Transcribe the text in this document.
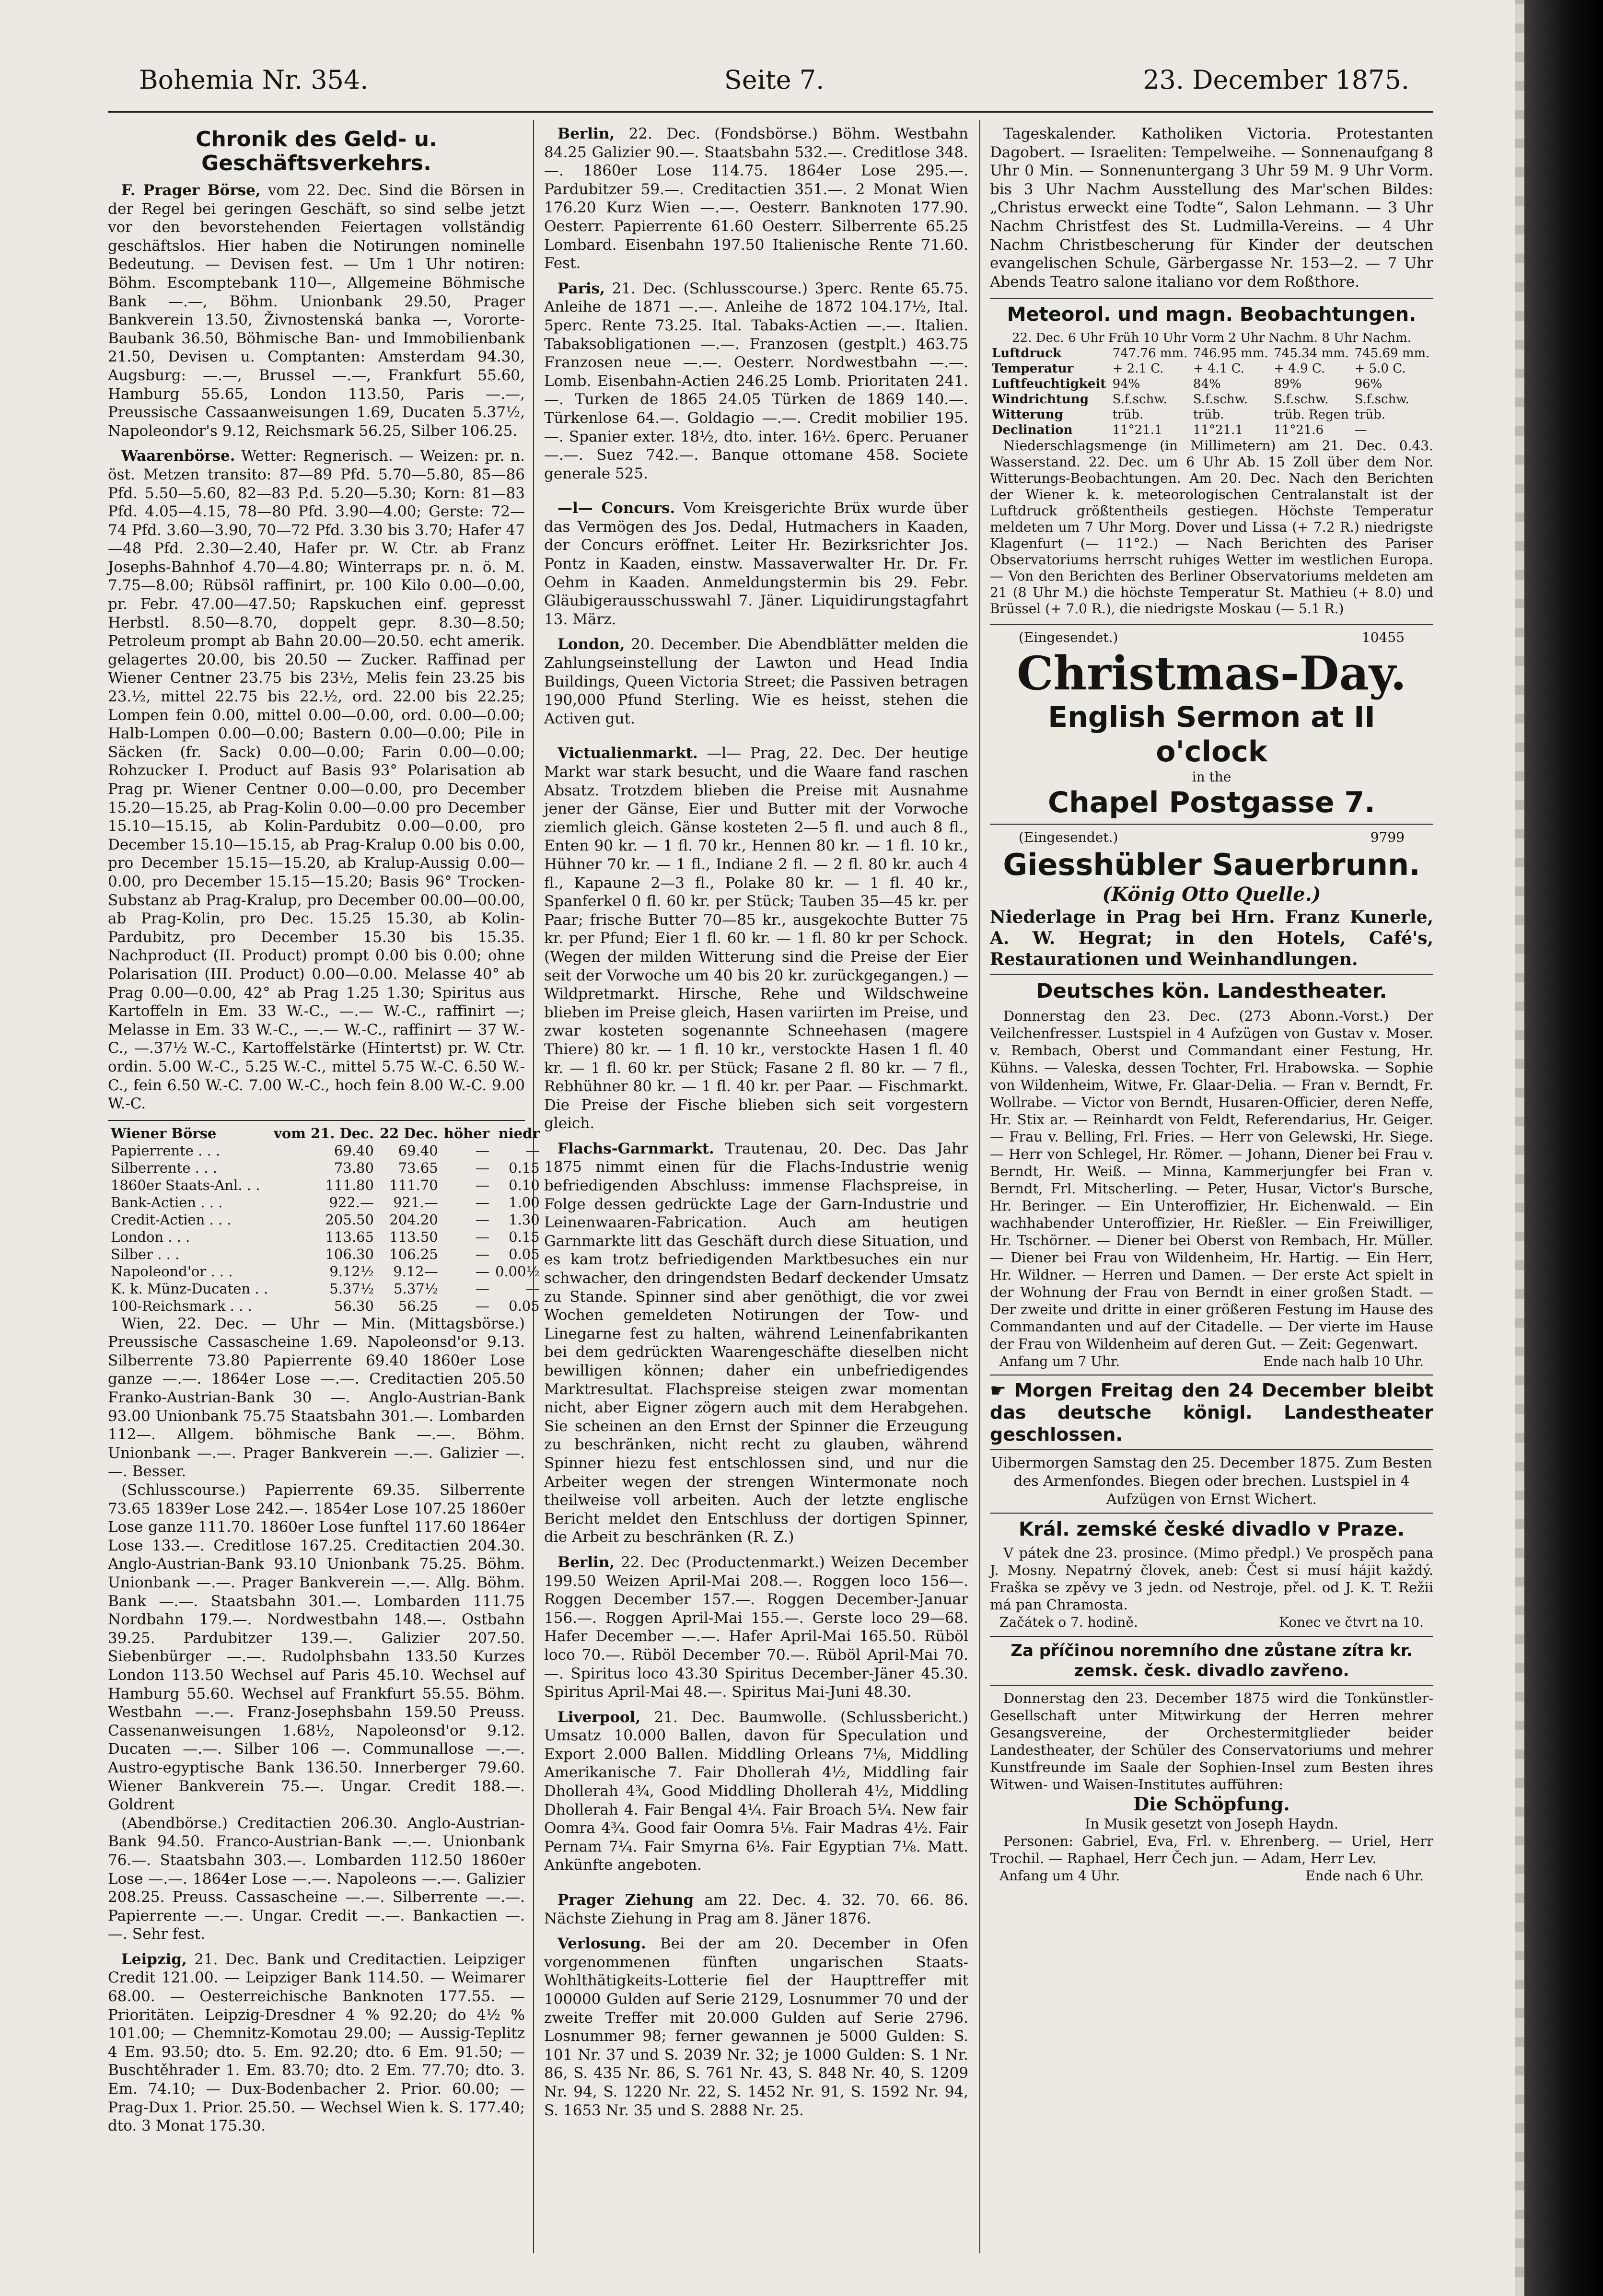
Bohemia Nr. 354.	Seite 7.	23. December 1875.
Chronik des Geld- u. Geschäftsverkehrs.

F. Prager Börse, vom 22. Dec. Sind die Börsen in der Regel bei geringen Geschäft, so sind selbe jetzt vor den bevorstehenden Feiertagen vollständig geschäftslos. Hier haben die Notirungen nominelle Bedeutung. — Devisen fest. — Um 1 Uhr notiren: Böhm. Escomptebank 110—, Allgemeine Böhmische Bank —.—, Böhm. Unionbank 29.50, Prager Bankverein 13.50, Živnostenská banka —, Vororte-Baubank 36.50, Böhmische Ban- und Immobilienbank 21.50, Devisen u. Comptanten: Amsterdam 94.30, Augsburg: —.—, Brussel —.—, Frankfurt 55.60, Hamburg 55.65, London 113.50, Paris —.—, Preussische Cassaanweisungen 1.69, Ducaten 5.37½, Napoleondor's 9.12, Reichsmark 56.25, Silber 106.25.

Waarenbörse. Wetter: Regnerisch. — Weizen: pr. n. öst. Metzen transito: 87—89 Pfd. 5.70—5.80, 85—86 Pfd. 5.50—5.60, 82—83 P.d. 5.20—5.30; Korn: 81—83 Pfd. 4.05—4.15, 78—80 Pfd. 3.90—4.00; Gerste: 72—74 Pfd. 3.60—3.90, 70—72 Pfd. 3.30 bis 3.70; Hafer 47—48 Pfd. 2.30—2.40, Hafer pr. W. Ctr. ab Franz Josephs-Bahnhof 4.70—4.80; Winterraps pr. n. ö. M. 7.75—8.00; Rübsöl raffinirt, pr. 100 Kilo 0.00—0.00, pr. Febr. 47.00—47.50; Rapskuchen einf. gepresst Herbstl. 8.50—8.70, doppelt gepr. 8.30—8.50; Petroleum prompt ab Bahn 20.00—20.50. echt amerik. gelagertes 20.00, bis 20.50 — Zucker. Raffinad per Wiener Centner 23.75 bis 23½, Melis fein 23.25 bis 23.½, mittel 22.75 bis 22.½, ord. 22.00 bis 22.25; Lompen fein 0.00, mittel 0.00—0.00, ord. 0.00—0.00; Halb-Lompen 0.00—0.00; Bastern 0.00—0.00; Pile in Säcken (fr. Sack) 0.00—0.00; Farin 0.00—0.00; Rohzucker I. Product auf Basis 93° Polarisation ab Prag pr. Wiener Centner 0.00—0.00, pro December 15.20—15.25, ab Prag-Kolin 0.00—0.00 pro December 15.10—15.15, ab Kolin-Pardubitz 0.00—0.00, pro December 15.10—15.15, ab Prag-Kralup 0.00 bis 0.00, pro December 15.15—15.20, ab Kralup-Aussig 0.00—0.00, pro December 15.15—15.20; Basis 96° Trocken-Substanz ab Prag-Kralup, pro December 00.00—00.00, ab Prag-Kolin, pro Dec. 15.25 15.30, ab Kolin-Pardubitz, pro December 15.30 bis 15.35. Nachproduct (II. Product) prompt 0.00 bis 0.00; ohne Polarisation (III. Product) 0.00—0.00. Melasse 40° ab Prag 0.00—0.00, 42° ab Prag 1.25 1.30; Spiritus aus Kartoffeln in Em. 33 W.-C., —.— W.-C., raffinirt —; Melasse in Em. 33 W.-C., —.— W.-C., raffinirt — 37 W.-C., —.37½ W.-C., Kartoffelstärke (Hintertst) pr. W. Ctr. ordin. 5.00 W.-C., 5.25 W.-C., mittel 5.75 W.-C. 6.50 W.-C., fein 6.50 W.-C. 7.00 W.-C., hoch fein 8.00 W.-C. 9.00 W.-C.

Wiener Börse	vom 21. Dec.	22 Dec.	höher	niedr
Papierrente . . .	69.40	69.40	—	—
Silberrente . . .	73.80	73.65	—	0.15
1860er Staats-Anl. . .	111.80	111.70	—	0.10
Bank-Actien . . .	922.—	921.—	—	1.00
Credit-Actien . . .	205.50	204.20	—	1.30
London . . .	113.65	113.50	—	0.15
Silber . . .	106.30	106.25	—	0.05
Napoleond'or . . .	9.12½	9.12—	—	0.00½
K. k. Münz-Ducaten . .	5.37½	5.37½	—	—
100-Reichsmark . . .	56.30	56.25	—	0.05

Wien, 22. Dec. — Uhr — Min. (Mittagsbörse.) Preussische Cassascheine 1.69. Napoleonsd'or 9.13. Silberrente 73.80 Papierrente 69.40 1860er Lose ganze —.—. 1864er Lose —.—. Creditactien 205.50 Franko-Austrian-Bank 30 —. Anglo-Austrian-Bank 93.00 Unionbank 75.75 Staatsbahn 301.—. Lombarden 112—. Allgem. böhmische Bank —.—. Böhm. Unionbank —.—. Prager Bankverein —.—. Galizier —.—. Besser.

(Schlusscourse.) Papierrente 69.35. Silberrente 73.65 1839er Lose 242.—. 1854er Lose 107.25 1860er Lose ganze 111.70. 1860er Lose funftel 117.60 1864er Lose 133.—. Creditlose 167.25. Creditactien 204.30. Anglo-Austrian-Bank 93.10 Unionbank 75.25. Böhm. Unionbank —.—. Prager Bankverein —.—. Allg. Böhm. Bank —.—. Staatsbahn 301.—. Lombarden 111.75 Nordbahn 179.—. Nordwestbahn 148.—. Ostbahn 39.25. Pardubitzer 139.—. Galizier 207.50. Siebenbürger —.—. Rudolphsbahn 133.50 Kurzes London 113.50 Wechsel auf Paris 45.10. Wechsel auf Hamburg 55.60. Wechsel auf Frankfurt 55.55. Böhm. Westbahn —.—. Franz-Josephsbahn 159.50 Preuss. Cassenanweisungen 1.68½, Napoleonsd'or 9.12. Ducaten —.—. Silber 106 —. Communallose —.—. Austro-egyptische Bank 136.50. Innerberger 79.60. Wiener Bankverein 75.—. Ungar. Credit 188.—. Goldrent

(Abendbörse.) Creditactien 206.30. Anglo-Austrian-Bank 94.50. Franco-Austrian-Bank —.—. Unionbank 76.—. Staatsbahn 303.—. Lombarden 112.50 1860er Lose —.—. 1864er Lose —.—. Napoleons —.—. Galizier 208.25. Preuss. Cassascheine —.—. Silberrente —.—. Papierrente —.—. Ungar. Credit —.—. Bankactien —.—. Sehr fest.

Leipzig, 21. Dec. Bank und Creditactien. Leipziger Credit 121.00. — Leipziger Bank 114.50. — Weimarer 68.00. — Oesterreichische Banknoten 177.55. — Prioritäten. Leipzig-Dresdner 4 % 92.20; do 4½ % 101.00; — Chemnitz-Komotau 29.00; — Aussig-Teplitz 4 Em. 93.50; dto. 5. Em. 92.20; dto. 6 Em. 91.50; — Buschtěhrader 1. Em. 83.70; dto. 2 Em. 77.70; dto. 3. Em. 74.10; — Dux-Bodenbacher 2. Prior. 60.00; — Prag-Dux 1. Prior. 25.50. — Wechsel Wien k. S. 177.40; dto. 3 Monat 175.30.

Berlin, 22. Dec. (Fondsbörse.) Böhm. Westbahn 84.25 Galizier 90.—. Staatsbahn 532.—. Creditlose 348.—. 1860er Lose 114.75. 1864er Lose 295.—. Pardubitzer 59.—. Creditactien 351.—. 2 Monat Wien 176.20 Kurz Wien —.—. Oesterr. Banknoten 177.90. Oesterr. Papierrente 61.60 Oesterr. Silberrente 65.25 Lombard. Eisenbahn 197.50 Italienische Rente 71.60. Fest.

Paris, 21. Dec. (Schlusscourse.) 3perc. Rente 65.75. Anleihe de 1871 —.—. Anleihe de 1872 104.17½, Ital. 5perc. Rente 73.25. Ital. Tabaks-Actien —.—. Italien. Tabaksobligationen —.—. Franzosen (gestplt.) 463.75 Franzosen neue —.—. Oesterr. Nordwestbahn —.—. Lomb. Eisenbahn-Actien 246.25 Lomb. Prioritaten 241.—. Turken de 1865 24.05 Türken de 1869 140.—. Türkenlose 64.—. Goldagio —.—. Credit mobilier 195.—. Spanier exter. 18½, dto. inter. 16½. 6perc. Peruaner —.—. Suez 742.—. Banque ottomane 458. Societe generale 525.

—l— Concurs. Vom Kreisgerichte Brüx wurde über das Vermögen des Jos. Dedal, Hutmachers in Kaaden, der Concurs eröffnet. Leiter Hr. Bezirksrichter Jos. Pontz in Kaaden, einstw. Massaverwalter Hr. Dr. Fr. Oehm in Kaaden. Anmeldungstermin bis 29. Febr. Gläubigerausschusswahl 7. Jäner. Liquidirungstagfahrt 13. März.

London, 20. December. Die Abendblätter melden die Zahlungseinstellung der Lawton und Head India Buildings, Queen Victoria Street; die Passiven betragen 190,000 Pfund Sterling. Wie es heisst, stehen die Activen gut.

Victualienmarkt. —l— Prag, 22. Dec. Der heutige Markt war stark besucht, und die Waare fand raschen Absatz. Trotzdem blieben die Preise mit Ausnahme jener der Gänse, Eier und Butter mit der Vorwoche ziemlich gleich. Gänse kosteten 2—5 fl. und auch 8 fl., Enten 90 kr. — 1 fl. 70 kr., Hennen 80 kr. — 1 fl. 10 kr., Hühner 70 kr. — 1 fl., Indiane 2 fl. — 2 fl. 80 kr. auch 4 fl., Kapaune 2—3 fl., Polake 80 kr. — 1 fl. 40 kr., Spanferkel 0 fl. 60 kr. per Stück; Tauben 35—45 kr. per Paar; frische Butter 70—85 kr., ausgekochte Butter 75 kr. per Pfund; Eier 1 fl. 60 kr. — 1 fl. 80 kr per Schock. (Wegen der milden Witterung sind die Preise der Eier seit der Vorwoche um 40 bis 20 kr. zurückgegangen.) — Wildpretmarkt. Hirsche, Rehe und Wildschweine blieben im Preise gleich, Hasen variirten im Preise, und zwar kosteten sogenannte Schneehasen (magere Thiere) 80 kr. — 1 fl. 10 kr., verstockte Hasen 1 fl. 40 kr. — 1 fl. 60 kr. per Stück; Fasane 2 fl. 80 kr. — 7 fl., Rebhühner 80 kr. — 1 fl. 40 kr. per Paar. — Fischmarkt. Die Preise der Fische blieben sich seit vorgestern gleich.

Flachs-Garnmarkt. Trautenau, 20. Dec. Das Jahr 1875 nimmt einen für die Flachs-Industrie wenig befriedigenden Abschluss: immense Flachspreise, in Folge dessen gedrückte Lage der Garn-Industrie und Leinenwaaren-Fabrication. Auch am heutigen Garnmarkte litt das Geschäft durch diese Situation, und es kam trotz befriedigenden Marktbesuches ein nur schwacher, den dringendsten Bedarf deckender Umsatz zu Stande. Spinner sind aber genöthigt, die vor zwei Wochen gemeldeten Notirungen der Tow- und Linegarne fest zu halten, während Leinenfabrikanten bei dem gedrückten Waarengeschäfte dieselben nicht bewilligen können; daher ein unbefriedigendes Marktresultat. Flachspreise steigen zwar momentan nicht, aber Eigner zögern auch mit dem Herabgehen. Sie scheinen an den Ernst der Spinner die Erzeugung zu beschränken, nicht recht zu glauben, während Spinner hiezu fest entschlossen sind, und nur die Arbeiter wegen der strengen Wintermonate noch theilweise voll arbeiten. Auch der letzte englische Bericht meldet den Entschluss der dortigen Spinner, die Arbeit zu beschränken (R. Z.)

Berlin, 22. Dec (Productenmarkt.) Weizen December 199.50 Weizen April-Mai 208.—. Roggen loco 156—. Roggen December 157.—. Roggen December-Januar 156.—. Roggen April-Mai 155.—. Gerste loco 29—68. Hafer December —.—. Hafer April-Mai 165.50. Rüböl loco 70.—. Rüböl December 70.—. Rüböl April-Mai 70.—. Spiritus loco 43.30 Spiritus December-Jäner 45.30. Spiritus April-Mai 48.—. Spiritus Mai-Juni 48.30.

Liverpool, 21. Dec. Baumwolle. (Schlussbericht.) Umsatz 10.000 Ballen, davon für Speculation und Export 2.000 Ballen. Middling Orleans 7⅛, Middling Amerikanische 7. Fair Dhollerah 4½, Middling fair Dhollerah 4¾, Good Middling Dhollerah 4½, Middling Dhollerah 4. Fair Bengal 4¼. Fair Broach 5¼. New fair Oomra 4¾. Good fair Oomra 5⅛. Fair Madras 4½. Fair Pernam 7¼. Fair Smyrna 6⅛. Fair Egyptian 7⅛. Matt. Ankünfte angeboten.

Prager Ziehung am 22. Dec. 4. 32. 70. 66. 86. Nächste Ziehung in Prag am 8. Jäner 1876.

Verlosung. Bei der am 20. December in Ofen vorgenommenen fünften ungarischen Staats-Wohlthätigkeits-Lotterie fiel der Haupttreffer mit 100000 Gulden auf Serie 2129, Losnummer 70 und der zweite Treffer mit 20.000 Gulden auf Serie 2796. Losnummer 98; ferner gewannen je 5000 Gulden: S. 101 Nr. 37 und S. 2039 Nr. 32; je 1000 Gulden: S. 1 Nr. 86, S. 435 Nr. 86, S. 761 Nr. 43, S. 848 Nr. 40, S. 1209 Nr. 94, S. 1220 Nr. 22, S. 1452 Nr. 91, S. 1592 Nr. 94, S. 1653 Nr. 35 und S. 2888 Nr. 25.

Tageskalender. Katholiken Victoria. Protestanten Dagobert. — Israeliten: Tempelweihe. — Sonnenaufgang 8 Uhr 0 Min. — Sonnenuntergang 3 Uhr 59 M. 9 Uhr Vorm. bis 3 Uhr Nachm Ausstellung des Mar'schen Bildes: „Christus erweckt eine Todte“, Salon Lehmann. — 3 Uhr Nachm Christfest des St. Ludmilla-Vereins. — 4 Uhr Nachm Christbescherung für Kinder der deutschen evangelischen Schule, Gärbergasse Nr. 153—2. — 7 Uhr Abends Teatro salone italiano vor dem Roßthore.

Meteorol. und magn. Beobachtungen.
22. Dec. 6 Uhr Früh 10 Uhr Vorm 2 Uhr Nachm. 8 Uhr Nachm.
Luftdruck	747.76 mm.	746.95 mm.	745.34 mm.	745.69 mm.
Temperatur	+ 2.1 C.	+ 4.1 C.	+ 4.9 C.	+ 5.0 C.
Luftfeuchtigkeit	94%	84%	89%	96%
Windrichtung	S.f.schw.	S.f.schw.	S.f.schw.	S.f.schw.
Witterung	trüb.	trüb.	trüb. Regen	trüb.
Declination	11°21.1	11°21.1	11°21.6	—

Niederschlagsmenge (in Millimetern) am 21. Dec. 0.43. Wasserstand. 22. Dec. um 6 Uhr Ab. 15 Zoll über dem Nor. Witterungs-Beobachtungen. Am 20. Dec. Nach den Berichten der Wiener k. k. meteorologischen Centralanstalt ist der Luftdruck größtentheils gestiegen. Höchste Temperatur meldeten um 7 Uhr Morg. Dover und Lissa (+ 7.2 R.) niedrigste Klagenfurt (— 11°2.) — Nach Berichten des Pariser Observatoriums herrscht ruhiges Wetter im westlichen Europa. — Von den Berichten des Berliner Observatoriums meldeten am 21 (8 Uhr M.) die höchste Temperatur St. Mathieu (+ 8.0) und Brüssel (+ 7.0 R.), die niedrigste Moskau (— 5.1 R.)

(Eingesendet.)	10455
Christmas-Day.
English Sermon at II o'clock
in the
Chapel Postgasse 7.
(Eingesendet.)	9799
Giesshübler Sauerbrunn.
(König Otto Quelle.)

Niederlage in Prag bei Hrn. Franz Kunerle, A. W. Hegrat; in den Hotels, Café's, Restaurationen und Weinhandlungen.

Deutsches kön. Landestheater.

Donnerstag den 23. Dec. (273 Abonn.-Vorst.) Der Veilchenfresser. Lustspiel in 4 Aufzügen von Gustav v. Moser. v. Rembach, Oberst und Commandant einer Festung, Hr. Kühns. — Valeska, dessen Tochter, Frl. Hrabowska. — Sophie von Wildenheim, Witwe, Fr. Glaar-Delia. — Fran v. Berndt, Fr. Wollrabe. — Victor von Berndt, Husaren-Officier, deren Neffe, Hr. Stix ar. — Reinhardt von Feldt, Referendarius, Hr. Geiger. — Frau v. Belling, Frl. Fries. — Herr von Gelewski, Hr. Siege. — Herr von Schlegel, Hr. Römer. — Johann, Diener bei Frau v. Berndt, Hr. Weiß. — Minna, Kammerjungfer bei Fran v. Berndt, Frl. Mitscherling. — Peter, Husar, Victor's Bursche, Hr. Beringer. — Ein Unteroffizier, Hr. Eichenwald. — Ein wachhabender Unteroffizier, Hr. Rießler. — Ein Freiwilliger, Hr. Tschörner. — Diener bei Oberst von Rembach, Hr. Müller. — Diener bei Frau von Wildenheim, Hr. Hartig. — Ein Herr, Hr. Wildner. — Herren und Damen. — Der erste Act spielt in der Wohnung der Frau von Berndt in einer großen Stadt. — Der zweite und dritte in einer größeren Festung im Hause des Commandanten und auf der Citadelle. — Der vierte im Hause der Frau von Wildenheim auf deren Gut. — Zeit: Gegenwart.

Anfang um 7 Uhr.	Ende nach halb 10 Uhr.
☛ Morgen Freitag den 24 December bleibt das deutsche königl. Landestheater geschlossen.

Uibermorgen Samstag den 25. December 1875. Zum Besten des Armenfondes. Biegen oder brechen. Lustspiel in 4 Aufzügen von Ernst Wichert.

Král. zemské české divadlo v Praze.

V pátek dne 23. prosince. (Mimo předpl.) Ve prospěch pana J. Mosny. Nepatrný človek, aneb: Čest si musí hájit každý. Fraška se zpěvy ve 3 jedn. od Nestroje, přel. od J. K. T. Režii má pan Chramosta.

Začátek o 7. hodině.	Konec ve čtvrt na 10.
Za příčinou noremního dne zůstane zítra kr. zemsk. česk. divadlo zavřeno.

Donnerstag den 23. December 1875 wird die Tonkünstler-Gesellschaft unter Mitwirkung der Herren mehrer Gesangsvereine, der Orchestermitglieder beider Landestheater, der Schüler des Conservatoriums und mehrer Kunstfreunde im Saale der Sophien-Insel zum Besten ihres Witwen- und Waisen-Institutes aufführen:

Die Schöpfung.
In Musik gesetzt von Joseph Haydn.

Personen: Gabriel, Eva, Frl. v. Ehrenberg. — Uriel, Herr Trochil. — Raphael, Herr Čech jun. — Adam, Herr Lev.

Anfang um 4 Uhr.	Ende nach 6 Uhr.
